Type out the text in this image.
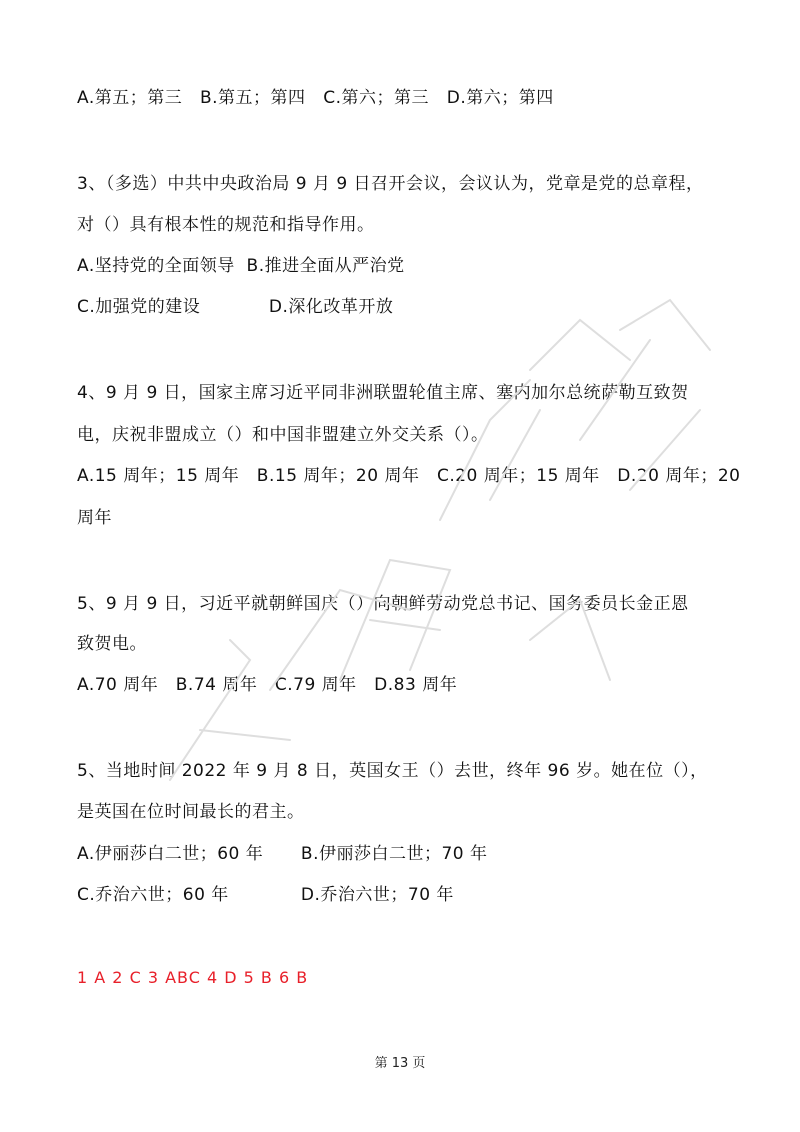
A.第五；第三 B.第五；第四 C.第六；第三 D.第六；第四
3、（多选）中共中央政治局 9 月 9 日召开会议，会议认为，党章是党的总章程，
对（）具有根本性的规范和指导作用。
A.坚持党的全面领导 B.推进全面从严治党
C.加强党的建设	D.深化改革开放
4、9 月 9 日，国家主席习近平同非洲联盟轮值主席、塞内加尔总统萨勒互致贺
电，庆祝非盟成立（）和中国非盟建立外交关系（）。
A.15 周年；15 周年　B.15 周年；20 周年　C.20 周年；15 周年　D.20 周年；20
周年
5、9 月 9 日，习近平就朝鲜国庆（）向朝鲜劳动党总书记、国务委员长金正恩
致贺电。
A.70 周年　B.74 周年　C.79 周年　D.83 周年
5、当地时间 2022 年 9 月 8 日，英国女王（）去世，终年 96 岁。她在位（），
是英国在位时间最长的君主。
A.伊丽莎白二世；60 年 B.伊丽莎白二世；70 年
C.乔治六世；60 年	D.乔治六世；70 年
1 A 2 C 3 ABC 4 D 5 B 6 B
第 13 页
